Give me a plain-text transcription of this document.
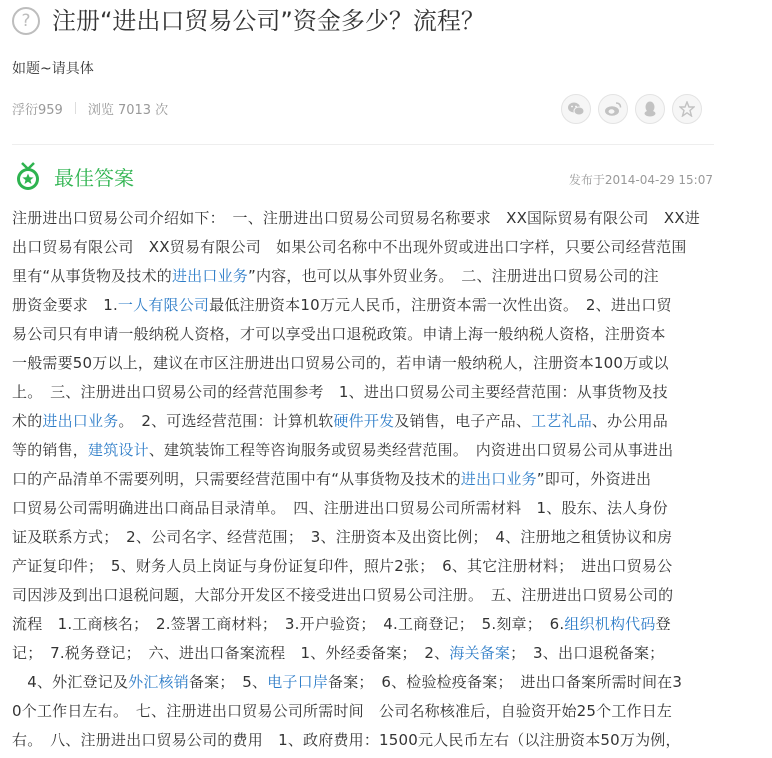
? 注册“进出口贸易公司”资金多少？流程？
如题~请具体
浮衍959 浏览 7013 次
最佳答案	发布于2014-04-29 15:07
注册进出口贸易公司介绍如下：　一、注册进出口贸易公司贸易名称要求　XX国际贸易有限公司　XX进
出口贸易有限公司　XX贸易有限公司　如果公司名称中不出现外贸或进出口字样，只要公司经营范围
里有“从事货物及技术的进出口业务”内容，也可以从事外贸业务。　二、注册进出口贸易公司的注
册资金要求　1.一人有限公司最低注册资本10万元人民币，注册资本需一次性出资。　2、进出口贸
易公司只有申请一般纳税人资格，才可以享受出口退税政策。申请上海一般纳税人资格，注册资本
一般需要50万以上，建议在市区注册进出口贸易公司的，若申请一般纳税人，注册资本100万或以
上。　三、注册进出口贸易公司的经营范围参考　1、进出口贸易公司主要经营范围：从事货物及技
术的进出口业务。　2、可选经营范围：计算机软硬件开发及销售，电子产品、工艺礼品、办公用品
等的销售，建筑设计、建筑装饰工程等咨询服务或贸易类经营范围。　内资进出口贸易公司从事进出
口的产品清单不需要列明，只需要经营范围中有“从事货物及技术的进出口业务”即可，外资进出
口贸易公司需明确进出口商品目录清单。　四、注册进出口贸易公司所需材料　1、股东、法人身份
证及联系方式；　2、公司名字、经营范围；　3、注册资本及出资比例；　4、注册地之租赁协议和房
产证复印件；　5、财务人员上岗证与身份证复印件，照片2张；　6、其它注册材料；　进出口贸易公
司因涉及到出口退税问题，大部分开发区不接受进出口贸易公司注册。　五、注册进出口贸易公司的
流程　1.工商核名；　2.签署工商材料；　3.开户验资；　4.工商登记；　5.刻章；　6.组织机构代码登
记；　7.税务登记；　六、进出口备案流程　1、外经委备案；　2、海关备案；　3、出口退税备案；
　4、外汇登记及外汇核销备案；　5、电子口岸备案；　6、检验检疫备案；　进出口备案所需时间在3
0个工作日左右。　七、注册进出口贸易公司所需时间　公司名称核准后，自验资开始25个工作日左
右。　八、注册进出口贸易公司的费用　1、政府费用：1500元人民币左右（以注册资本50万为例，
